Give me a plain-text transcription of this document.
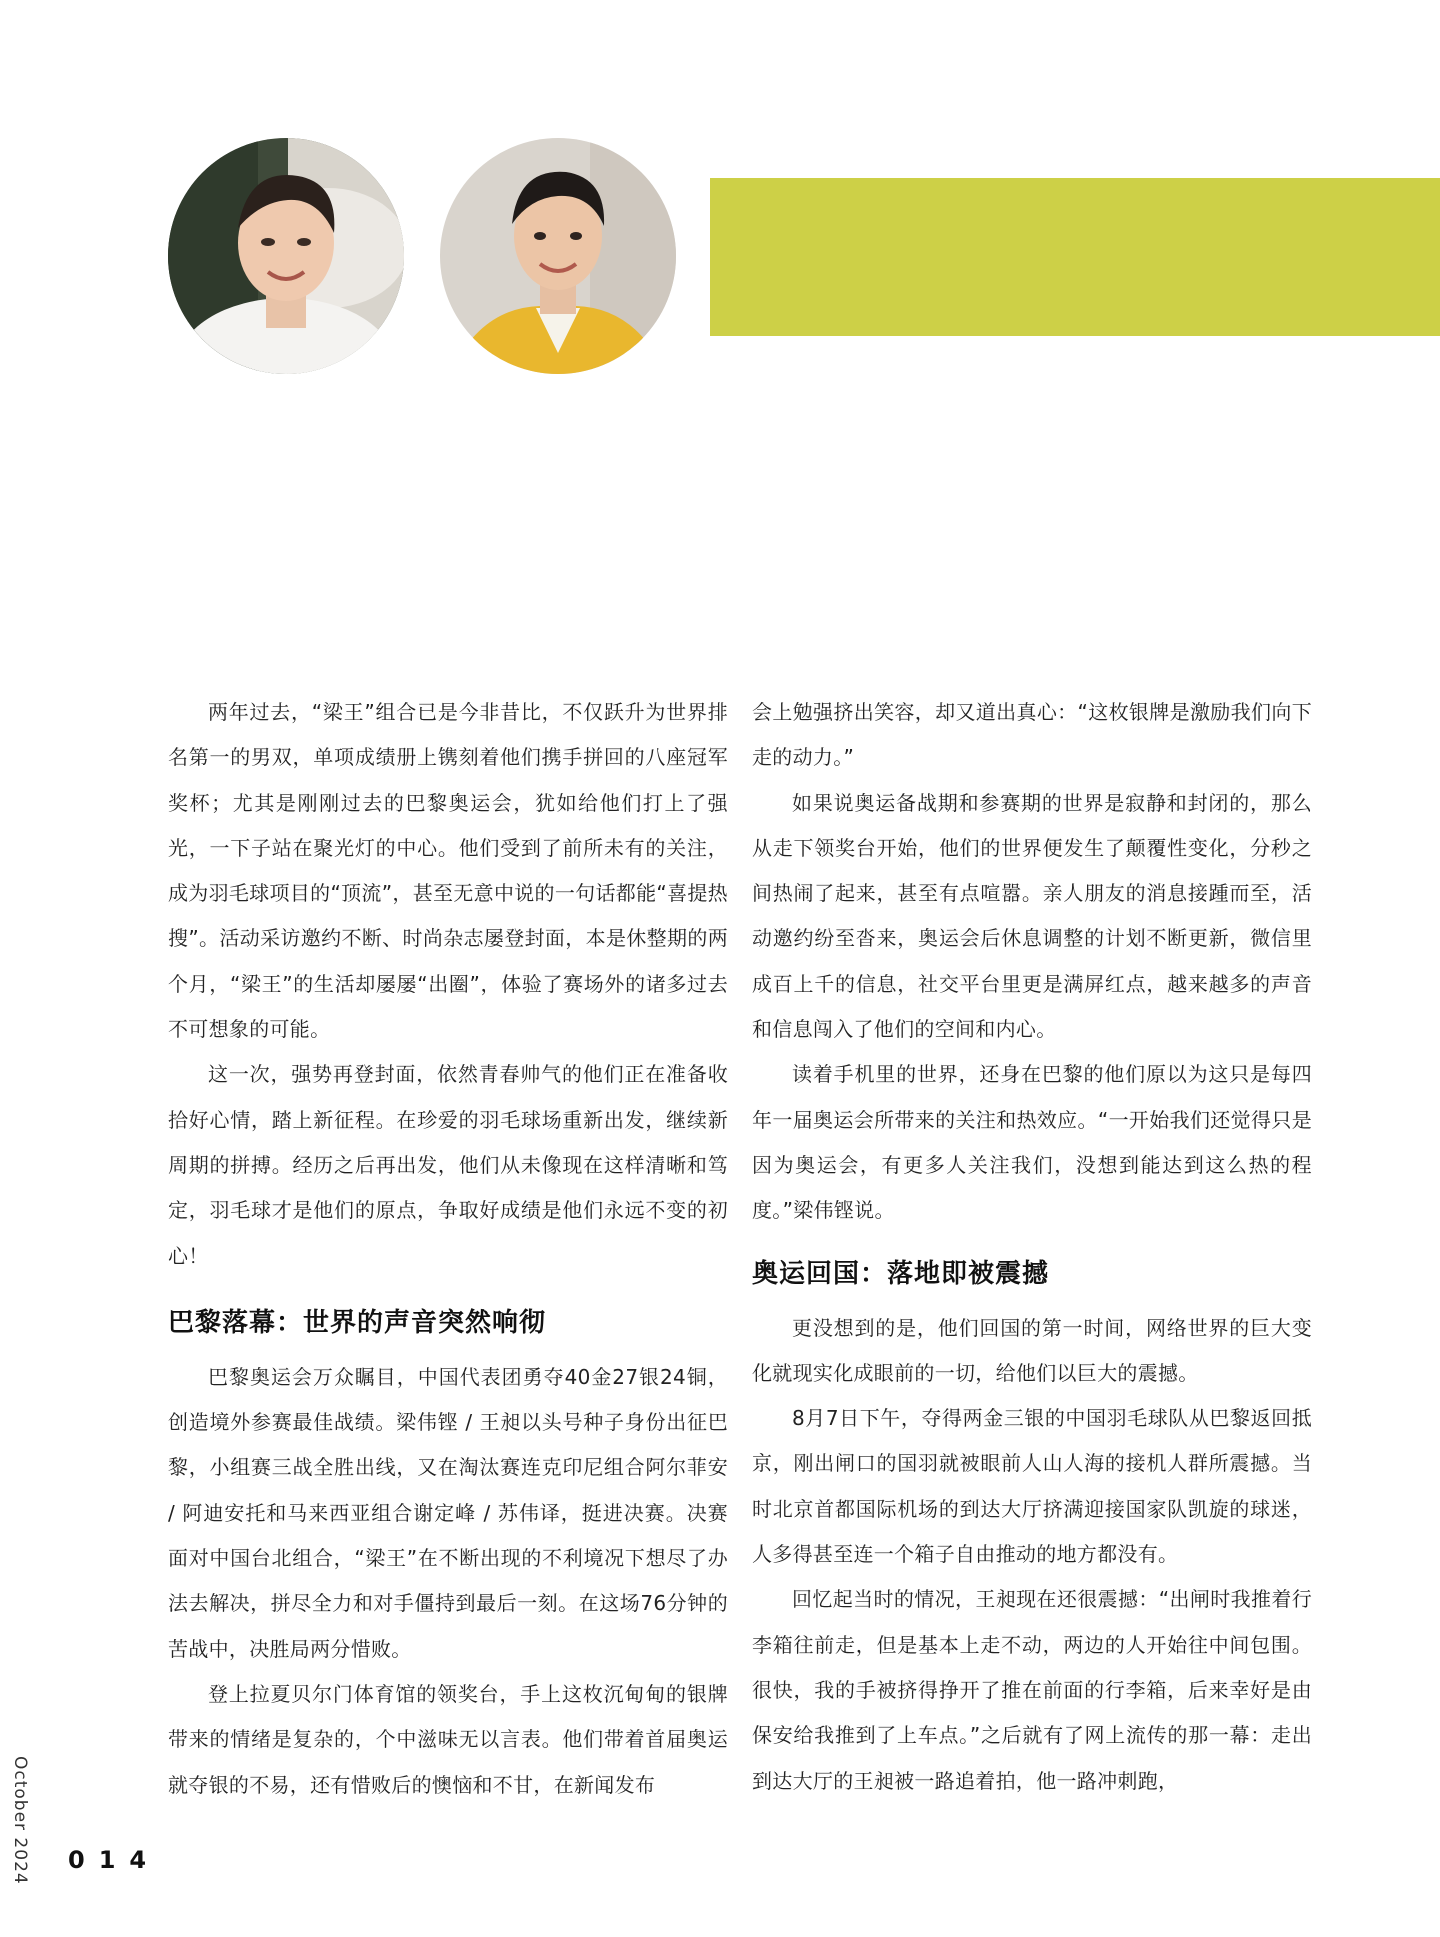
两年过去，“梁王”组合已是今非昔比，不仅跃升为世界排名第一的男双，单项成绩册上镌刻着他们携手拼回的八座冠军奖杯；尤其是刚刚过去的巴黎奥运会，犹如给他们打上了强光，一下子站在聚光灯的中心。他们受到了前所未有的关注，成为羽毛球项目的“顶流”，甚至无意中说的一句话都能“喜提热搜”。活动采访邀约不断、时尚杂志屡登封面，本是休整期的两个月，“梁王”的生活却屡屡“出圈”，体验了赛场外的诸多过去不可想象的可能。

这一次，强势再登封面，依然青春帅气的他们正在准备收拾好心情，踏上新征程。在珍爱的羽毛球场重新出发，继续新周期的拼搏。经历之后再出发，他们从未像现在这样清晰和笃定，羽毛球才是他们的原点，争取好成绩是他们永远不变的初心！

巴黎落幕：世界的声音突然响彻

巴黎奥运会万众瞩目，中国代表团勇夺40金27银24铜，创造境外参赛最佳战绩。梁伟铿 / 王昶以头号种子身份出征巴黎，小组赛三战全胜出线，又在淘汰赛连克印尼组合阿尔菲安 / 阿迪安托和马来西亚组合谢定峰 / 苏伟译，挺进决赛。决赛面对中国台北组合，“梁王”在不断出现的不利境况下想尽了办法去解决，拼尽全力和对手僵持到最后一刻。在这场76分钟的苦战中，决胜局两分惜败。

登上拉夏贝尔门体育馆的领奖台，手上这枚沉甸甸的银牌带来的情绪是复杂的，个中滋味无以言表。他们带着首届奥运就夺银的不易，还有惜败后的懊恼和不甘，在新闻发布

会上勉强挤出笑容，却又道出真心：“这枚银牌是激励我们向下走的动力。”

如果说奥运备战期和参赛期的世界是寂静和封闭的，那么从走下领奖台开始，他们的世界便发生了颠覆性变化，分秒之间热闹了起来，甚至有点喧嚣。亲人朋友的消息接踵而至，活动邀约纷至沓来，奥运会后休息调整的计划不断更新，微信里成百上千的信息，社交平台里更是满屏红点，越来越多的声音和信息闯入了他们的空间和内心。

读着手机里的世界，还身在巴黎的他们原以为这只是每四年一届奥运会所带来的关注和热效应。“一开始我们还觉得只是因为奥运会，有更多人关注我们，没想到能达到这么热的程度。”梁伟铿说。

奥运回国：落地即被震撼

更没想到的是，他们回国的第一时间，网络世界的巨大变化就现实化成眼前的一切，给他们以巨大的震撼。

8月7日下午，夺得两金三银的中国羽毛球队从巴黎返回抵京，刚出闸口的国羽就被眼前人山人海的接机人群所震撼。当时北京首都国际机场的到达大厅挤满迎接国家队凯旋的球迷，人多得甚至连一个箱子自由推动的地方都没有。

回忆起当时的情况，王昶现在还很震撼：“出闸时我推着行李箱往前走，但是基本上走不动，两边的人开始往中间包围。很快，我的手被挤得挣开了推在前面的行李箱，后来幸好是由保安给我推到了上车点。”之后就有了网上流传的那一幕：走出到达大厅的王昶被一路追着拍，他一路冲刺跑，

October 2024 014
